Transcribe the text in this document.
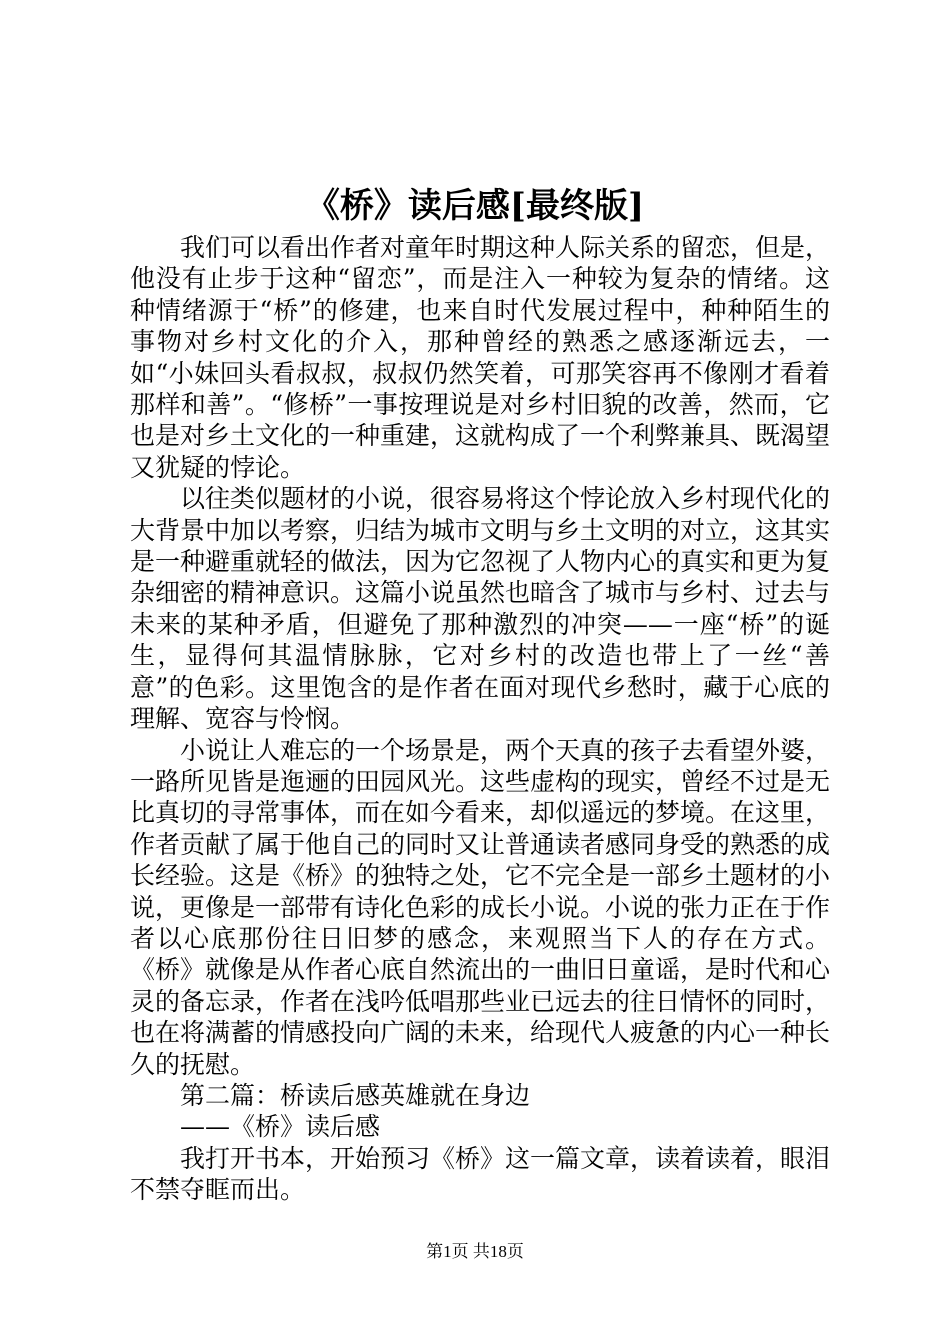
《桥》读后感[最终版]

我们可以看出作者对童年时期这种人际关系的留恋，但是，他没有止步于这种“留恋”，而是注入一种较为复杂的情绪。这种情绪源于“桥”的修建，也来自时代发展过程中，种种陌生的事物对乡村文化的介入，那种曾经的熟悉之感逐渐远去，一如“小妹回头看叔叔，叔叔仍然笑着，可那笑容再不像刚才看着那样和善”。“修桥”一事按理说是对乡村旧貌的改善，然而，它也是对乡土文化的一种重建，这就构成了一个利弊兼具、既渴望又犹疑的悖论。

以往类似题材的小说，很容易将这个悖论放入乡村现代化的大背景中加以考察，归结为城市文明与乡土文明的对立，这其实是一种避重就轻的做法，因为它忽视了人物内心的真实和更为复杂细密的精神意识。这篇小说虽然也暗含了城市与乡村、过去与未来的某种矛盾，但避免了那种激烈的冲突——一座“桥”的诞生，显得何其温情脉脉，它对乡村的改造也带上了一丝“善意”的色彩。这里饱含的是作者在面对现代乡愁时，藏于心底的理解、宽容与怜悯。

小说让人难忘的一个场景是，两个天真的孩子去看望外婆，一路所见皆是迤逦的田园风光。这些虚构的现实，曾经不过是无比真切的寻常事体，而在如今看来，却似遥远的梦境。在这里，作者贡献了属于他自己的同时又让普通读者感同身受的熟悉的成长经验。这是《桥》的独特之处，它不完全是一部乡土题材的小说，更像是一部带有诗化色彩的成长小说。小说的张力正在于作者以心底那份往日旧梦的感念，来观照当下人的存在方式。《桥》就像是从作者心底自然流出的一曲旧日童谣，是时代和心灵的备忘录，作者在浅吟低唱那些业已远去的往日情怀的同时，也在将满蓄的情感投向广阔的未来，给现代人疲惫的内心一种长久的抚慰。

第二篇：桥读后感英雄就在身边

——《桥》读后感

我打开书本，开始预习《桥》这一篇文章，读着读着，眼泪不禁夺眶而出。

第1页 共18页
